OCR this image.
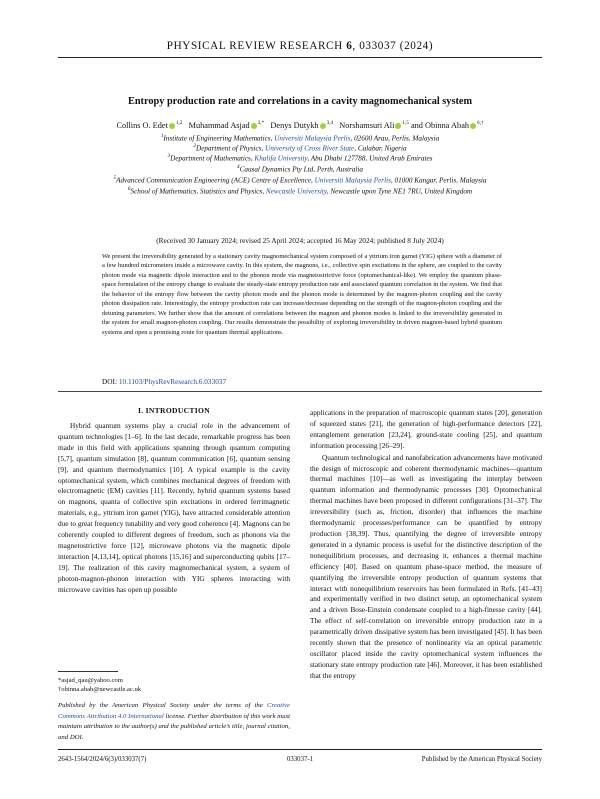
PHYSICAL REVIEW RESEARCH 6, 033037 (2024)
Entropy production rate and correlations in a cavity magnomechanical system
Collins O. Edet $^{1,2}$ Muhammad Asjad $^{3,*}$ Denys Dutykh $^{3,4}$ Norshamsuri Ali $^{1,5}$ and Obinna Abah $^{6,\dagger}$
$^1$Institute of Engineering Mathematics, Universiti Malaysia Perlis, 02600 Arau, Perlis, Malaysia
$^2$Department of Physics, University of Cross River State, Calabar, Nigeria
$^3$Department of Mathematics, Khalifa University, Abu Dhabi 127788, United Arab Emirates
$^4$Causal Dynamics Pty Ltd, Perth, Australia
$^5$Advanced Communication Engineering (ACE) Centre of Excellence, Universiti Malaysia Perlis, 01000 Kangar, Perlis, Malaysia
$^6$School of Mathematics, Statistics and Physics, Newcastle University, Newcastle upon Tyne NE1 7RU, United Kingdom
(Received 30 January 2024; revised 25 April 2024; accepted 16 May 2024; published 8 July 2024)
We present the irreversibility generated by a stationary cavity magnomechanical system composed of a yttrium iron garnet (YIG) sphere with a diameter of a few hundred micrometers inside a microwave cavity. In this system, the magnons, i.e., collective spin excitations in the sphere, are coupled to the cavity photon mode via magnetic dipole interaction and to the phonon mode via magnetostrictive force (optomechanical-like). We employ the quantum phase-space formulation of the entropy change to evaluate the steady-state entropy production rate and associated quantum correlation in the system. We find that the behavior of the entropy flow between the cavity photon mode and the phonon mode is determined by the magnon-photon coupling and the cavity photon dissipation rate. Interestingly, the entropy production rate can increase/decrease depending on the strength of the magnon-photon coupling and the detuning parameters. We further show that the amount of correlations between the magnon and phonon modes is linked to the irreversibility generated in the system for small magnon-photon coupling. Our results demonstrate the possibility of exploring irreversibility in driven magnon-based hybrid quantum systems and open a promising route for quantum thermal applications.
DOI: 10.1103/PhysRevResearch.6.033037
I. INTRODUCTION

Hybrid quantum systems play a crucial role in the advancement of quantum technologies [1–6]. In the last decade, remarkable progress has been made in this field with applications spanning through quantum computing [5,7], quantum simulation [8], quantum communication [6], quantum sensing [9], and quantum thermodynamics [10]. A typical example is the cavity optomechanical system, which combines mechanical degrees of freedom with electromagnetic (EM) cavities [11]. Recently, hybrid quantum systems based on magnons, quanta of collective spin excitations in ordered ferrimagnetic materials, e.g., yttrium iron garnet (YIG), have attracted considerable attention due to great frequency tunability and very good coherence [4]. Magnons can be coherently coupled to different degrees of freedom, such as phonons via the magnetostrictive force [12], microwave photons via the magnetic dipole interaction [4,13,14], optical photons [15,16] and superconducting qubits [17–19]. The realization of this cavity magnomechanical system, a system of photon-magnon-phonon interaction with YIG spheres interacting with microwave cavities has open up possible

applications in the preparation of macroscopic quantum states [20], generation of squeezed states [21], the generation of high-performance detectors [22], entanglement generation [23,24], ground-state cooling [25], and quantum information processing [26–29].

Quantum technological and nanofabrication advancements have motivated the design of microscopic and coherent thermodynamic machines—quantum thermal machines [10]—as well as investigating the interplay between quantum information and thermodynamic processes [30]. Optomechanical thermal machines have been proposed in different configurations [31–37]. The irreversibility (such as, friction, disorder) that influences the machine thermodynamic processes/performance can be quantified by entropy production [38,39]. Thus, quantifying the degree of irreversible entropy generated in a dynamic process is useful for the distinctive description of the nonequilibrium processes, and decreasing it, enhances a thermal machine efficiency [40]. Based on quantum phase-space method, the measure of quantifying the irreversible entropy production of quantum systems that interact with nonequilibrium reservoirs has been formulated in Refs. [41–43] and experimentally verified in two distinct setup, an optomechanical system and a driven Bose-Einstein condensate coupled to a high-finesse cavity [44]. The effect of self-correlation on irreversible entropy production rate in a parametrically driven dissipative system has been investigated [45]. It has been recently shown that the presence of nonlinearity via an optical parametric oscillator placed inside the cavity optomechanical system influences the stationary state entropy production rate [46]. Moreover, it has been established that the entropy

*asjad_qau@yahoo.com
†obinna.abah@newcastle.ac.uk
Published by the American Physical Society under the terms of the Creative Commons Attribution 4.0 International license. Further distribution of this work must maintain attribution to the author(s) and the published article’s title, journal citation, and DOI.
2643-1564/2024/6(3)/033037(7)	033037-1	Published by the American Physical Society
